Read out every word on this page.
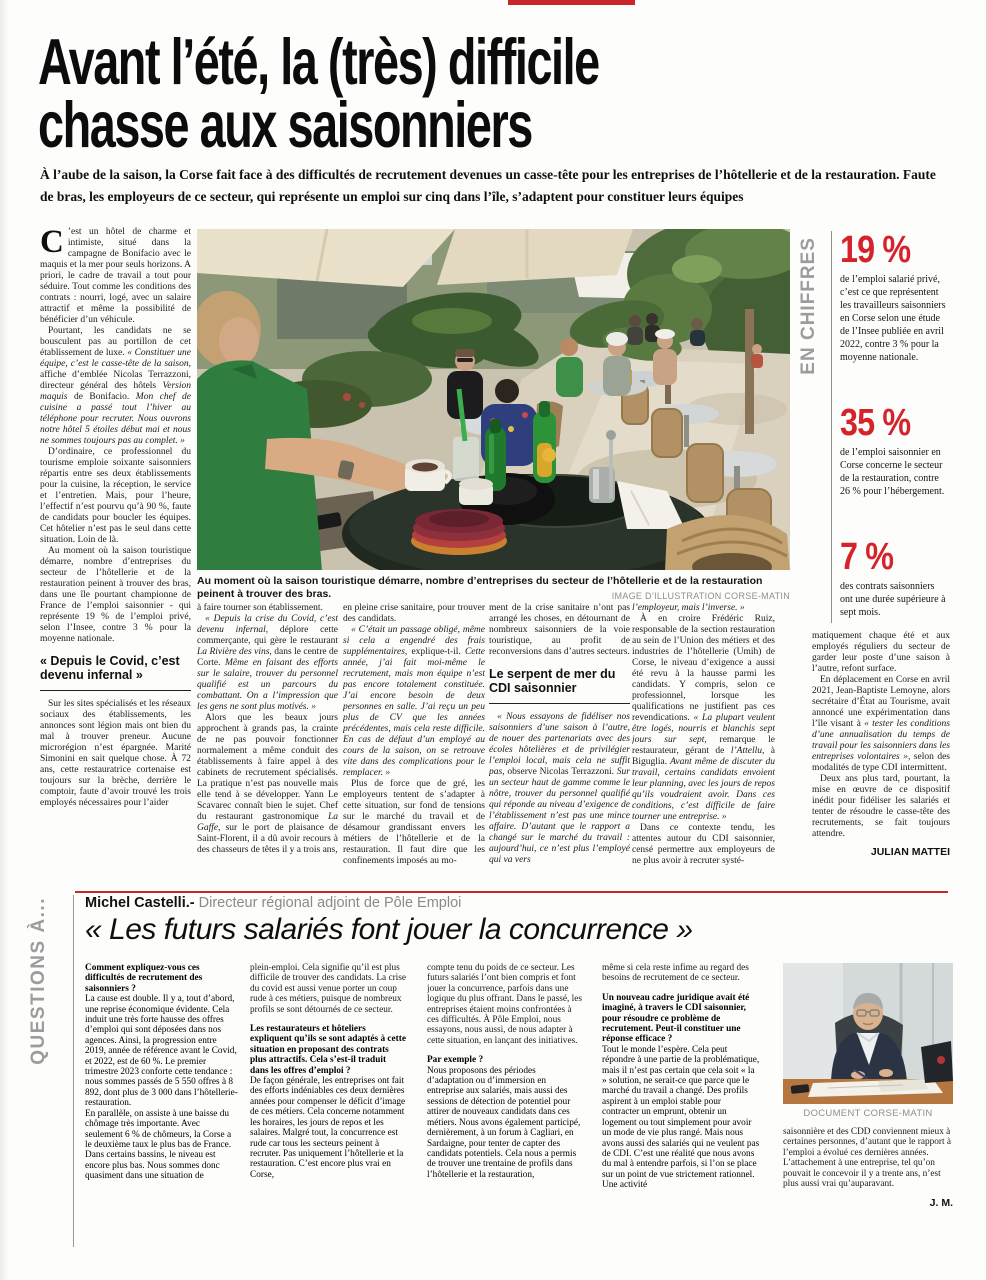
Avant l’été, la (très) difficile
chasse aux saisonniers

À l’aube de la saison, la Corse fait face à des difficultés de recrutement devenues un casse-tête pour les entreprises de l’hôtellerie et de la restauration. Faute de bras, les employeurs de ce secteur, qui représente un emploi sur cinq dans l’île, s’adaptent pour constituer leurs équipes

C ’est un hôtel de charme et intimiste, situé dans la campagne de Bonifacio avec le maquis et la mer pour seuls horizons. A priori, le cadre de travail a tout pour séduire. Tout comme les conditions des contrats : nourri, logé, avec un salaire attractif et même la possibilité de bénéficier d’un véhicule.

Pourtant, les candidats ne se bousculent pas au portillon de cet établissement de luxe. « Constituer une équipe, c’est le casse-tête de la saison, affiche d’emblée Nicolas Terrazzoni, directeur général des hôtels Version maquis de Bonifacio. Mon chef de cuisine a passé tout l’hiver au téléphone pour recruter. Nous ouvrons notre hôtel 5 étoiles début mai et nous ne sommes toujours pas au complet. »

D’ordinaire, ce professionnel du tourisme emploie soixante saisonniers répartis entre ses deux établissements pour la cuisine, la réception, le service et l’entretien. Mais, pour l’heure, l’effectif n’est pourvu qu’à 90 %, faute de candidats pour boucler les équipes. Cet hôtelier n’est pas le seul dans cette situation. Loin de là.

Au moment où la saison touristique démarre, nombre d’entreprises du secteur de l’hôtellerie et de la restauration peinent à trouver des bras, dans une île pourtant championne de France de l’emploi saisonnier - qui représente 19 % de l’emploi privé, selon l’Insee, contre 3 % pour la moyenne nationale.

« Depuis le Covid, c’est devenu infernal »

Sur les sites spécialisés et les réseaux sociaux des établissements, les annonces sont légion mais ont bien du mal à trouver preneur. Aucune microrégion n’est épargnée. Marité Simonini en sait quelque chose. À 72 ans, cette restauratrice cortenaise est toujours sur la brèche, derrière le comptoir, faute d’avoir trouvé les trois employés nécessaires pour l’aider

Au moment où la saison touristique démarre, nombre d’entreprises du secteur de l’hôtellerie et de la restauration peinent à trouver des bras.	IMAGE D’ILLUSTRATION CORSE-MATIN

à faire tourner son établissement.

« Depuis la crise du Covid, c’est devenu infernal, déplore cette commerçante, qui gère le restaurant La Rivière des vins, dans le centre de Corte. Même en faisant des efforts sur le salaire, trouver du personnel qualifié est un parcours du combattant. On a l’impression que les gens ne sont plus motivés. »

Alors que les beaux jours approchent à grands pas, la crainte de ne pas pouvoir fonctionner normalement a même conduit des établissements à faire appel à des cabinets de recrutement spécialisés. La pratique n’est pas nouvelle mais elle tend à se développer. Yann Le Scavarec connaît bien le sujet. Chef du restaurant gastronomique La Gaffe, sur le port de plaisance de Saint-Florent, il a dû avoir recours à des chasseurs de têtes il y a trois ans,

en pleine crise sanitaire, pour trouver des candidats.

« C’était un passage obligé, même si cela a engendré des frais supplémentaires, explique-t-il. Cette année, j’ai fait moi-même le recrutement, mais mon équipe n’est pas encore totalement constituée. J’ai encore besoin de deux personnes en salle. J’ai reçu un peu plus de CV que les années précédentes, mais cela reste difficile. En cas de défaut d’un employé au cours de la saison, on se retrouve vite dans des complications pour le remplacer. »

Plus de force que de gré, les employeurs tentent de s’adapter à cette situation, sur fond de tensions sur le marché du travail et de désamour grandissant envers les métiers de l’hôtellerie et de la restauration. Il faut dire que les confinements imposés au mo-

ment de la crise sanitaire n’ont pas arrangé les choses, en détournant de nombreux saisonniers de la voie touristique, au profit de reconversions dans d’autres secteurs.

Le serpent de mer du CDI saisonnier

« Nous essayons de fidéliser nos saisonniers d’une saison à l’autre, de nouer des partenariats avec des écoles hôtelières et de privilégier l’emploi local, mais cela ne suffit pas, observe Nicolas Terrazzoni. Sur un secteur haut de gamme comme le nôtre, trouver du personnel qualifié qui réponde au niveau d’exigence de l’établissement n’est pas une mince affaire. D’autant que le rapport a changé sur le marché du travail : aujourd’hui, ce n’est plus l’employé qui va vers

l’employeur, mais l’inverse. »

À en croire Frédéric Ruiz, responsable de la section restauration au sein de l’Union des métiers et des industries de l’hôtellerie (Umih) de Corse, le niveau d’exigence a aussi été revu à la hausse parmi les candidats. Y compris, selon ce professionnel, lorsque les qualifications ne justifient pas ces revendications. « La plupart veulent être logés, nourris et blanchis sept jours sur sept, remarque le restaurateur, gérant de l’Attellu, à Biguglia. Avant même de discuter du travail, certains candidats envoient leur planning, avec les jours de repos qu’ils voudraient avoir. Dans ces conditions, c’est difficile de faire tourner une entreprise. »

Dans ce contexte tendu, les attentes autour du CDI saisonnier, censé permettre aux employeurs de ne plus avoir à recruter systé-

EN CHIFFRES 19 %
de l’emploi salarié privé, c’est ce que représentent les travailleurs saisonniers en Corse selon une étude de l’Insee publiée en avril 2022, contre 3 % pour la moyenne nationale.
35 %
de l’emploi saisonnier en Corse concerne le secteur de la restauration, contre 26 % pour l’hébergement.
7 %
des contrats saisonniers ont une durée supérieure à sept mois.

matiquement chaque été et aux employés réguliers du secteur de garder leur poste d’une saison à l’autre, refont surface.

En déplacement en Corse en avril 2021, Jean-Baptiste Lemoyne, alors secrétaire d’État au Tourisme, avait annoncé une expérimentation dans l’île visant à « tester les conditions d’une annualisation du temps de travail pour les saisonniers dans les entreprises volontaires », selon des modalités de type CDI intermittent.

Deux ans plus tard, pourtant, la mise en œuvre de ce dispositif inédit pour fidéliser les salariés et tenter de résoudre le casse-tête des recrutements, se fait toujours attendre.

JULIAN MATTEI

QUESTIONS À... Michel Castelli.- Directeur régional adjoint de Pôle Emploi
« Les futurs salariés font jouer la concurrence »

Comment expliquez-vous ces difficultés de recrutement des saisonniers ?

La cause est double. Il y a, tout d’abord, une reprise économique évidente. Cela induit une très forte hausse des offres d’emploi qui sont déposées dans nos agences. Ainsi, la progression entre 2019, année de référence avant le Covid, et 2022, est de 60 %. Le premier trimestre 2023 conforte cette tendance : nous sommes passés de 5 550 offres à 8 892, dont plus de 3 000 dans l’hôtellerie-restauration.

En parallèle, on assiste à une baisse du chômage très importante. Avec seulement 6 % de chômeurs, la Corse a le deuxième taux le plus bas de France. Dans certains bassins, le niveau est encore plus bas. Nous sommes donc quasiment dans une situation de

plein-emploi. Cela signifie qu’il est plus difficile de trouver des candidats. La crise du covid est aussi venue porter un coup rude à ces métiers, puisque de nombreux profils se sont détournés de ce secteur.

Les restaurateurs et hôteliers expliquent qu’ils se sont adaptés à cette situation en proposant des contrats plus attractifs. Cela s’est-il traduit dans les offres d’emploi ?

De façon générale, les entreprises ont fait des efforts indéniables ces deux dernières années pour compenser le déficit d’image de ces métiers. Cela concerne notamment les horaires, les jours de repos et les salaires. Malgré tout, la concurrence est rude car tous les secteurs peinent à recruter. Pas uniquement l’hôtellerie et la restauration. C’est encore plus vrai en Corse,

compte tenu du poids de ce secteur. Les futurs salariés l’ont bien compris et font jouer la concurrence, parfois dans une logique du plus offrant. Dans le passé, les entreprises étaient moins confrontées à ces difficultés. À Pôle Emploi, nous essayons, nous aussi, de nous adapter à cette situation, en lançant des initiatives.

Par exemple ?

Nous proposons des périodes d’adaptation ou d’immersion en entreprise aux salariés, mais aussi des sessions de détection de potentiel pour attirer de nouveaux candidats dans ces métiers. Nous avons également participé, dernièrement, à un forum à Cagliari, en Sardaigne, pour tenter de capter des candidats potentiels. Cela nous a permis de trouver une trentaine de profils dans l’hôtellerie et la restauration,

même si cela reste infime au regard des besoins de recrutement de ce secteur.

Un nouveau cadre juridique avait été imaginé, à travers le CDI saisonnier, pour résoudre ce problème de recrutement. Peut-il constituer une réponse efficace ?

Tout le monde l’espère. Cela peut répondre à une partie de la problématique, mais il n’est pas certain que cela soit « la » solution, ne serait-ce que parce que le marché du travail a changé. Des profils aspirent à un emploi stable pour contracter un emprunt, obtenir un logement ou tout simplement pour avoir un mode de vie plus rangé. Mais nous avons aussi des salariés qui ne veulent pas de CDI. C’est une réalité que nous avons du mal à entendre parfois, si l’on se place sur un point de vue strictement rationnel. Une activité

DOCUMENT CORSE-MATIN

saisonnière et des CDD conviennent mieux à certaines personnes, d’autant que le rapport à l’emploi a évolué ces dernières années. L’attachement à une entreprise, tel qu’on pouvait le concevoir il y a trente ans, n’est plus aussi vrai qu’auparavant.

J. M.
